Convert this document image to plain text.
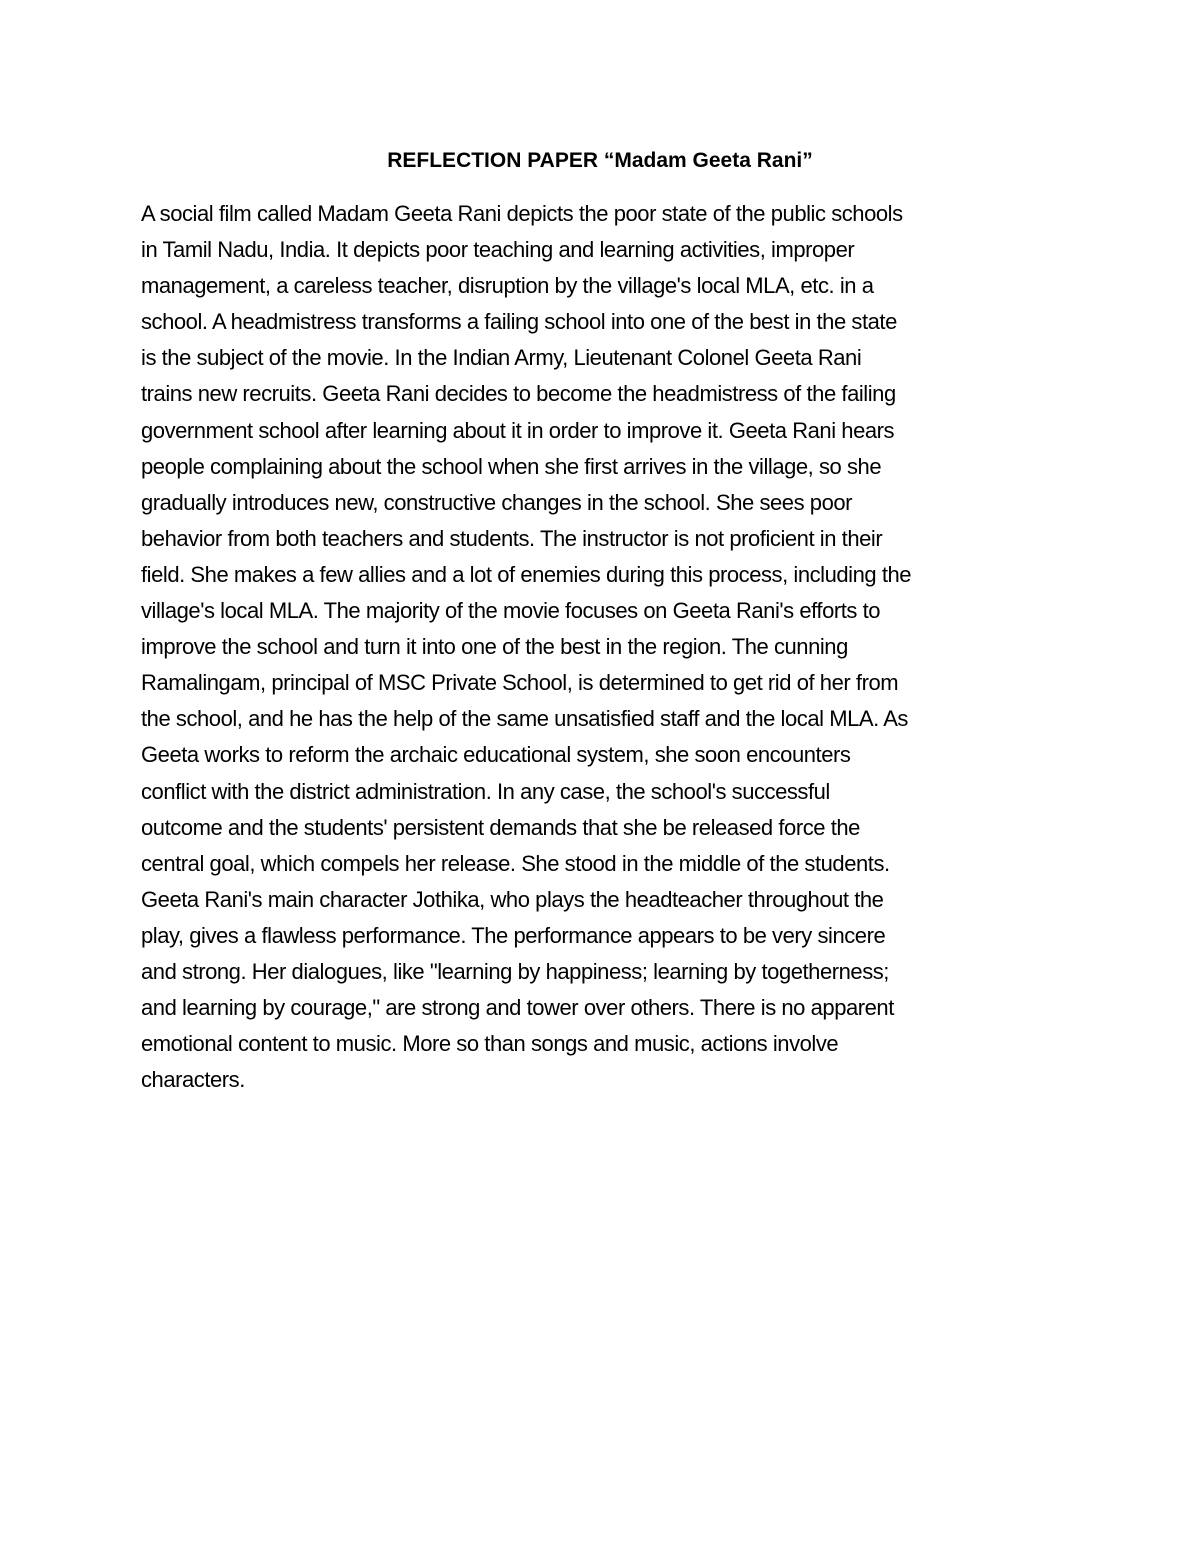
REFLECTION PAPER “Madam Geeta Rani”
A social film called Madam Geeta Rani depicts the poor state of the public schools
in Tamil Nadu, India. It depicts poor teaching and learning activities, improper
management, a careless teacher, disruption by the village's local MLA, etc. in a
school. A headmistress transforms a failing school into one of the best in the state
is the subject of the movie. In the Indian Army, Lieutenant Colonel Geeta Rani
trains new recruits. Geeta Rani decides to become the headmistress of the failing
government school after learning about it in order to improve it. Geeta Rani hears
people complaining about the school when she first arrives in the village, so she
gradually introduces new, constructive changes in the school. She sees poor
behavior from both teachers and students. The instructor is not proficient in their
field. She makes a few allies and a lot of enemies during this process, including the
village's local MLA. The majority of the movie focuses on Geeta Rani's efforts to
improve the school and turn it into one of the best in the region. The cunning
Ramalingam, principal of MSC Private School, is determined to get rid of her from
the school, and he has the help of the same unsatisfied staff and the local MLA. As
Geeta works to reform the archaic educational system, she soon encounters
conflict with the district administration. In any case, the school's successful
outcome and the students' persistent demands that she be released force the
central goal, which compels her release. She stood in the middle of the students.
Geeta Rani's main character Jothika, who plays the headteacher throughout the
play, gives a flawless performance. The performance appears to be very sincere
and strong. Her dialogues, like "learning by happiness; learning by togetherness;
and learning by courage," are strong and tower over others. There is no apparent
emotional content to music. More so than songs and music, actions involve
characters.
